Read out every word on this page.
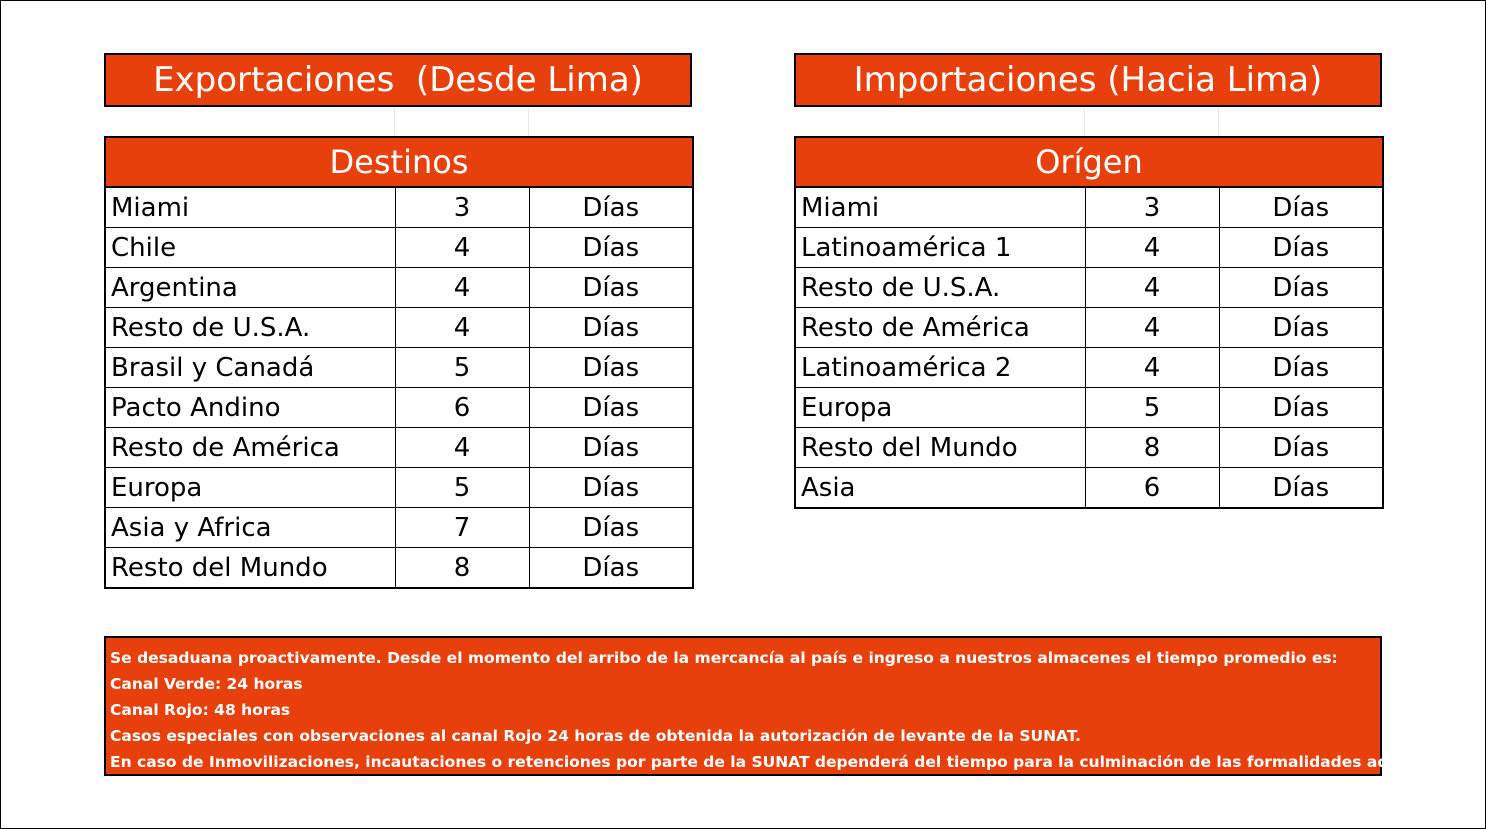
Exportaciones  (Desde Lima)
Destinos		
Miami	3	Días
Chile	4	Días
Argentina	4	Días
Resto de U.S.A.	4	Días
Brasil y Canadá	5	Días
Pacto Andino	6	Días
Resto de América	4	Días
Europa	5	Días
Asia y Africa	7	Días
Resto del Mundo	8	Días
Importaciones (Hacia Lima)
Orígen		
Miami	3	Días
Latinoamérica 1	4	Días
Resto de U.S.A.	4	Días
Resto de América	4	Días
Latinoamérica 2	4	Días
Europa	5	Días
Resto del Mundo	8	Días
Asia	6	Días
Se desaduana proactivamente. Desde el momento del arribo de la mercancía al país e ingreso a nuestros almacenes el tiempo promedio es:
Canal Verde: 24 horas
Canal Rojo: 48 horas
Casos especiales con observaciones al canal Rojo 24 horas de obtenida la autorización de levante de la SUNAT.
En caso de Inmovilizaciones, incautaciones o retenciones por parte de la SUNAT dependerá del tiempo para la culminación de las formalidades aduaneras.
